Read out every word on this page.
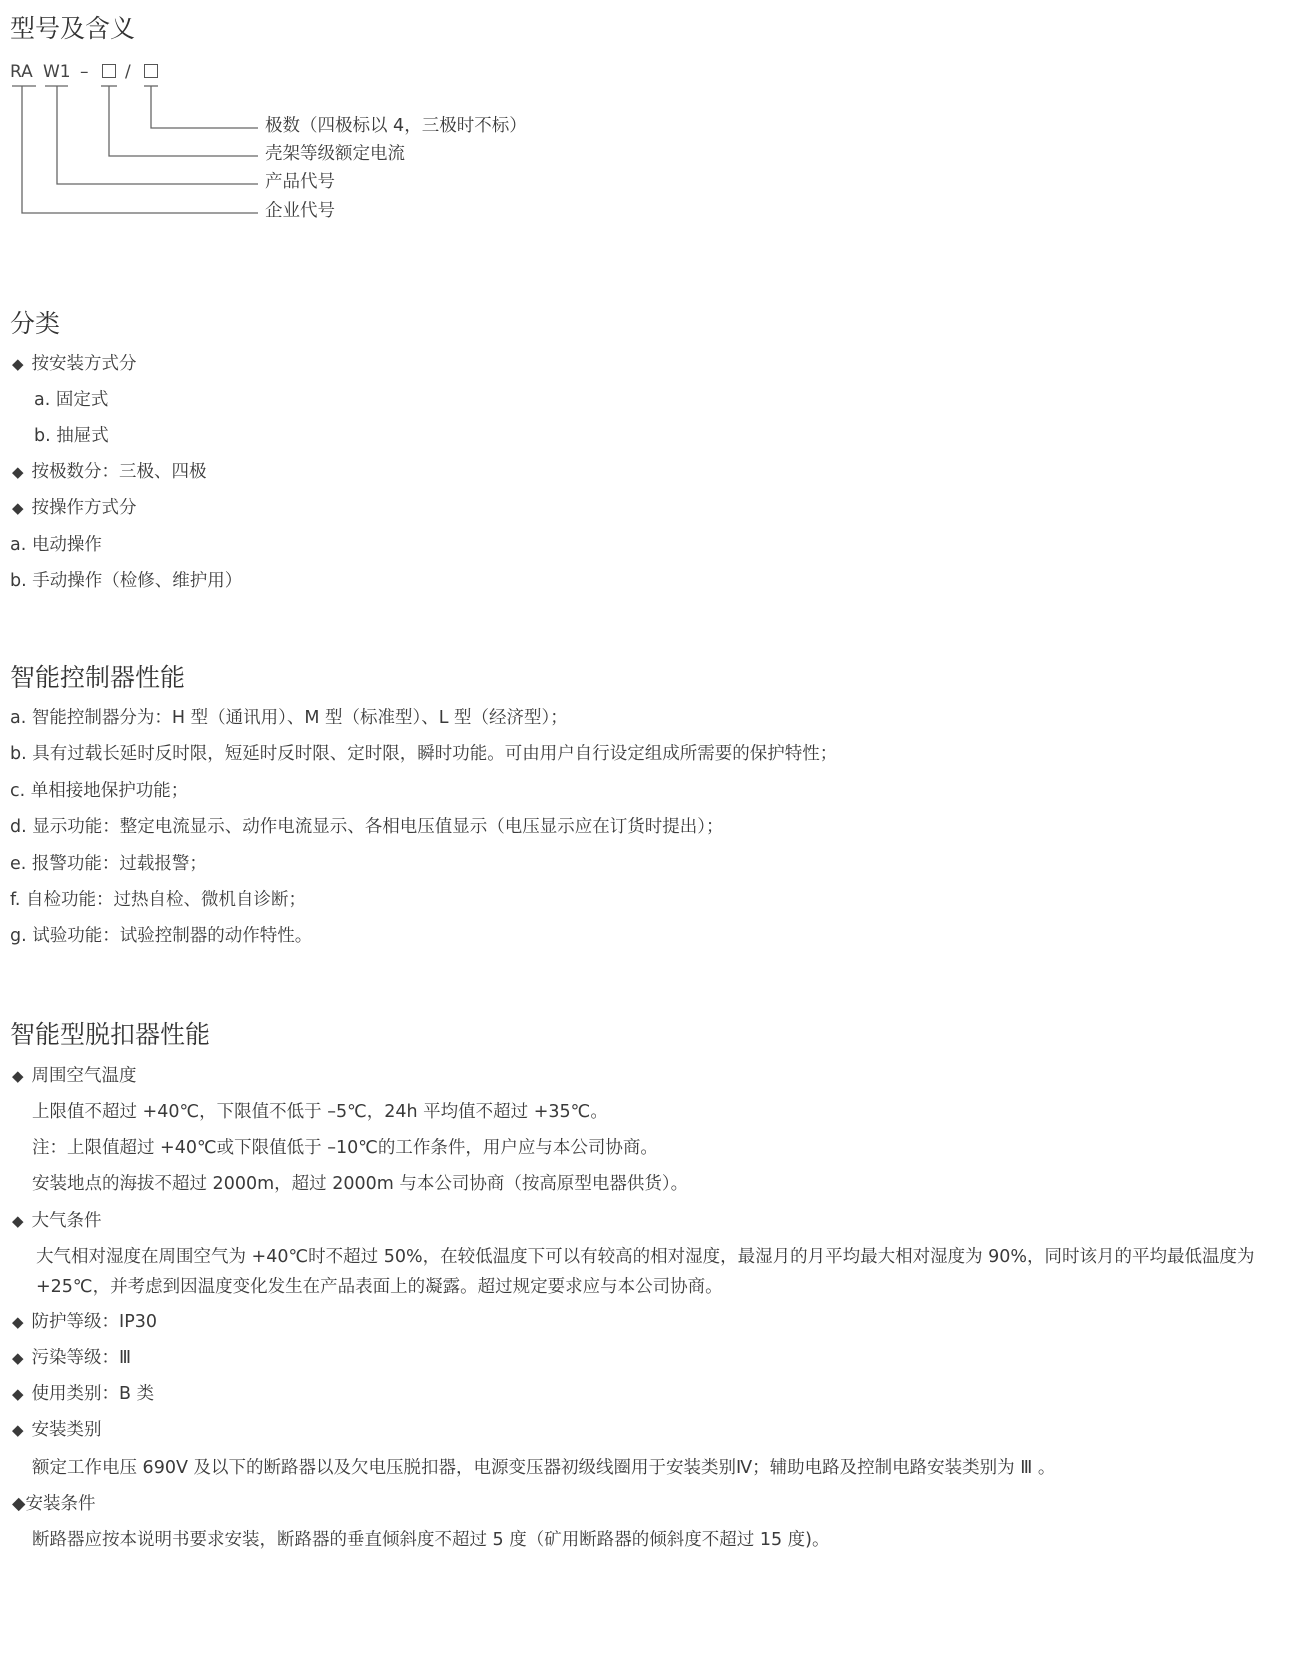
型号及含义
RA W1 – /
极数（四极标以 4，三极时不标）
壳架等级额定电流
产品代号
企业代号
分类
◆ 按安装方式分
a. 固定式
b. 抽屉式
◆ 按极数分：三极、四极
◆ 按操作方式分
a. 电动操作
b. 手动操作（检修、维护用）
智能控制器性能
a. 智能控制器分为：H 型（通讯用）、M 型（标准型）、L 型（经济型）；
b. 具有过载长延时反时限，短延时反时限、定时限，瞬时功能。可由用户自行设定组成所需要的保护特性；
c. 单相接地保护功能；
d. 显示功能：整定电流显示、动作电流显示、各相电压值显示（电压显示应在订货时提出）；
e. 报警功能：过载报警；
f. 自检功能：过热自检、微机自诊断；
g. 试验功能：试验控制器的动作特性。
智能型脱扣器性能
◆ 周围空气温度
上限值不超过 +40℃，下限值不低于 –5℃，24h 平均值不超过 +35℃。
注：上限值超过 +40℃或下限值低于 –10℃的工作条件，用户应与本公司协商。
安装地点的海拔不超过 2000m，超过 2000m 与本公司协商（按高原型电器供货）。
◆ 大气条件
大气相对湿度在周围空气为 +40℃时不超过 50%，在较低温度下可以有较高的相对湿度，最湿月的月平均最大相对湿度为 90%，同时该月的平均最低温度为 +25℃，并考虑到因温度变化发生在产品表面上的凝露。超过规定要求应与本公司协商。
◆ 防护等级：IP30
◆ 污染等级：Ⅲ
◆ 使用类别：B 类
◆ 安装类别
额定工作电压 690V 及以下的断路器以及欠电压脱扣器，电源变压器初级线圈用于安装类别Ⅳ；辅助电路及控制电路安装类别为 Ⅲ 。
◆安装条件
断路器应按本说明书要求安装，断路器的垂直倾斜度不超过 5 度（矿用断路器的倾斜度不超过 15 度)。
